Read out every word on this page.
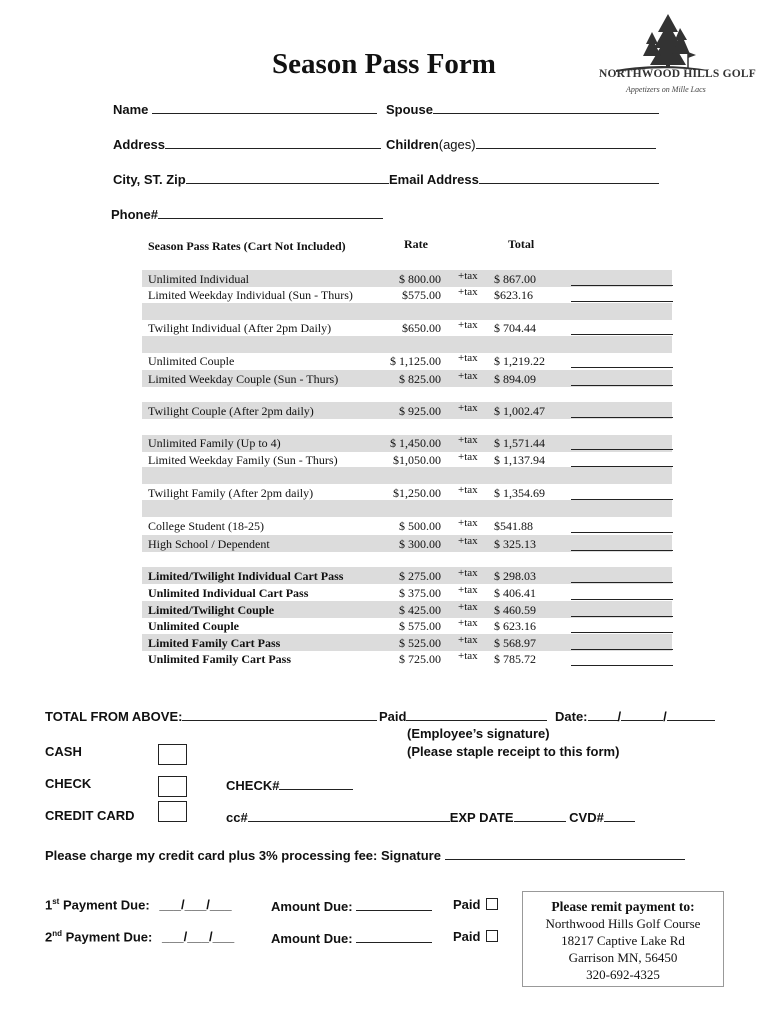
Season Pass Form	NORTHWOOD HILLS GOLF
Appetizers on Mille Lacs
Name	Spouse
Address	Children(ages)
City, ST. Zip	Email Address
Phone#
Season Pass Rates (Cart Not Included)	Rate	Total
Unlimited Individual	$ 800.00 +tax $ 867.00
Limited Weekday Individual (Sun - Thurs)	$575.00 +tax $623.16
Twilight Individual (After 2pm Daily)	$650.00 +tax $ 704.44
Unlimited Couple	$ 1,125.00 +tax $ 1,219.22
Limited Weekday Couple (Sun - Thurs)	$ 825.00 +tax $ 894.09
Twilight Couple (After 2pm daily)	$ 925.00 +tax $ 1,002.47
Unlimited Family (Up to 4)	$ 1,450.00 +tax $ 1,571.44
Limited Weekday Family (Sun - Thurs)	$1,050.00 +tax $ 1,137.94
Twilight Family (After 2pm daily)	$1,250.00 +tax $ 1,354.69
College Student (18-25)	$ 500.00 +tax $541.88
High School / Dependent	$ 300.00 +tax $ 325.13
Limited/Twilight Individual Cart Pass	$ 275.00 +tax $ 298.03
Unlimited Individual Cart Pass	$ 375.00 +tax $ 406.41
Limited/Twilight Couple	$ 425.00 +tax $ 460.59
Unlimited Couple	$ 575.00 +tax $ 623.16
Limited Family Cart Pass	$ 525.00 +tax $ 568.97
Unlimited Family Cart Pass	$ 725.00 +tax $ 785.72
TOTAL FROM ABOVE:	Paid	Date: /	/
(Employee’s signature)
(Please staple receipt to this form)
CASH
CHECK	CHECK#
CREDIT CARD	cc#	EXP DATE	CVD#
Please charge my credit card plus 3% processing fee: Signature
1st Payment Due: ___/___/___	Amount Due:	Paid
2nd Payment Due: ___/___/___	Amount Due:	Paid
Please remit payment to:
Northwood Hills Golf Course
18217 Captive Lake Rd
Garrison MN, 56450
320-692-4325
